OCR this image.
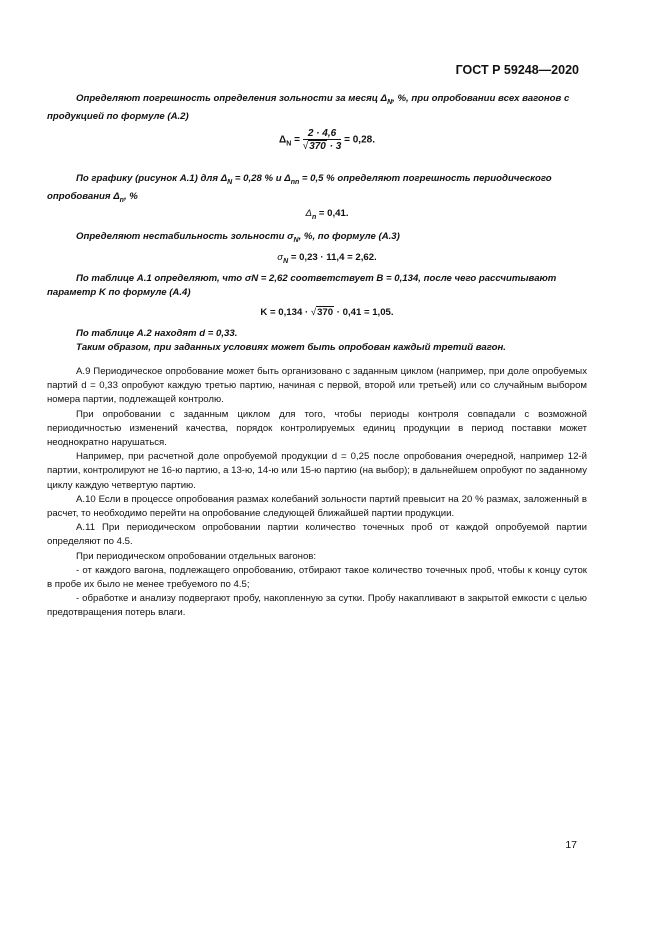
ГОСТ Р 59248—2020
Определяют погрешность определения зольности за месяц $\Delta_N$, %, при опробовании всех вагонов с продукцией по формуле (А.2)
$\Delta_N = \frac{2 \cdot 4,6}{√370 \cdot 3} = 0,28$.
По графику (рисунок А.1) для $\Delta_N = 0,28$ % и $\Delta_{nn} = 0,5$ % определяют погрешность периодического опробования $\Delta_n$, %
$\Delta_n = 0,41$.
Определяют нестабильность зольности $\sigma_N$, %, по формуле (А.3)
$\sigma_N = 0,23 \cdot 11,4 = 2,62$.
По таблице А.1 определяют, что σN = 2,62 соответствует B = 0,134, после чего рассчитывают параметр K по формуле (А.4)
K = 0,134 · √370 · 0,41 = 1,05.

По таблице А.2 находят d = 0,33.

Таким образом, при заданных условиях может быть опробован каждый третий вагон.

А.9 Периодическое опробование может быть организовано с заданным циклом (например, при доле опробуемых партий d = 0,33 опробуют каждую третью партию, начиная с первой, второй или третьей) или со случайным выбором номера партии, подлежащей контролю.

При опробовании с заданным циклом для того, чтобы периоды контроля совпадали с возможной периодичностью изменений качества, порядок контролируемых единиц продукции в период поставки может неоднократно нарушаться.

Например, при расчетной доле опробуемой продукции d = 0,25 после опробования очередной, например 12-й партии, контролируют не 16-ю партию, а 13-ю, 14-ю или 15-ю партию (на выбор); в дальнейшем опробуют по заданному циклу каждую четвертую партию.

А.10 Если в процессе опробования размах колебаний зольности партий превысит на 20 % размах, заложенный в расчет, то необходимо перейти на опробование следующей ближайшей партии продукции.

А.11 При периодическом опробовании партии количество точечных проб от каждой опробуемой партии определяют по 4.5.

При периодическом опробовании отдельных вагонов:

- от каждого вагона, подлежащего опробованию, отбирают такое количество точечных проб, чтобы к концу суток в пробе их было не менее требуемого по 4.5;

- обработке и анализу подвергают пробу, накопленную за сутки. Пробу накапливают в закрытой емкости с целью предотвращения потерь влаги.

17
